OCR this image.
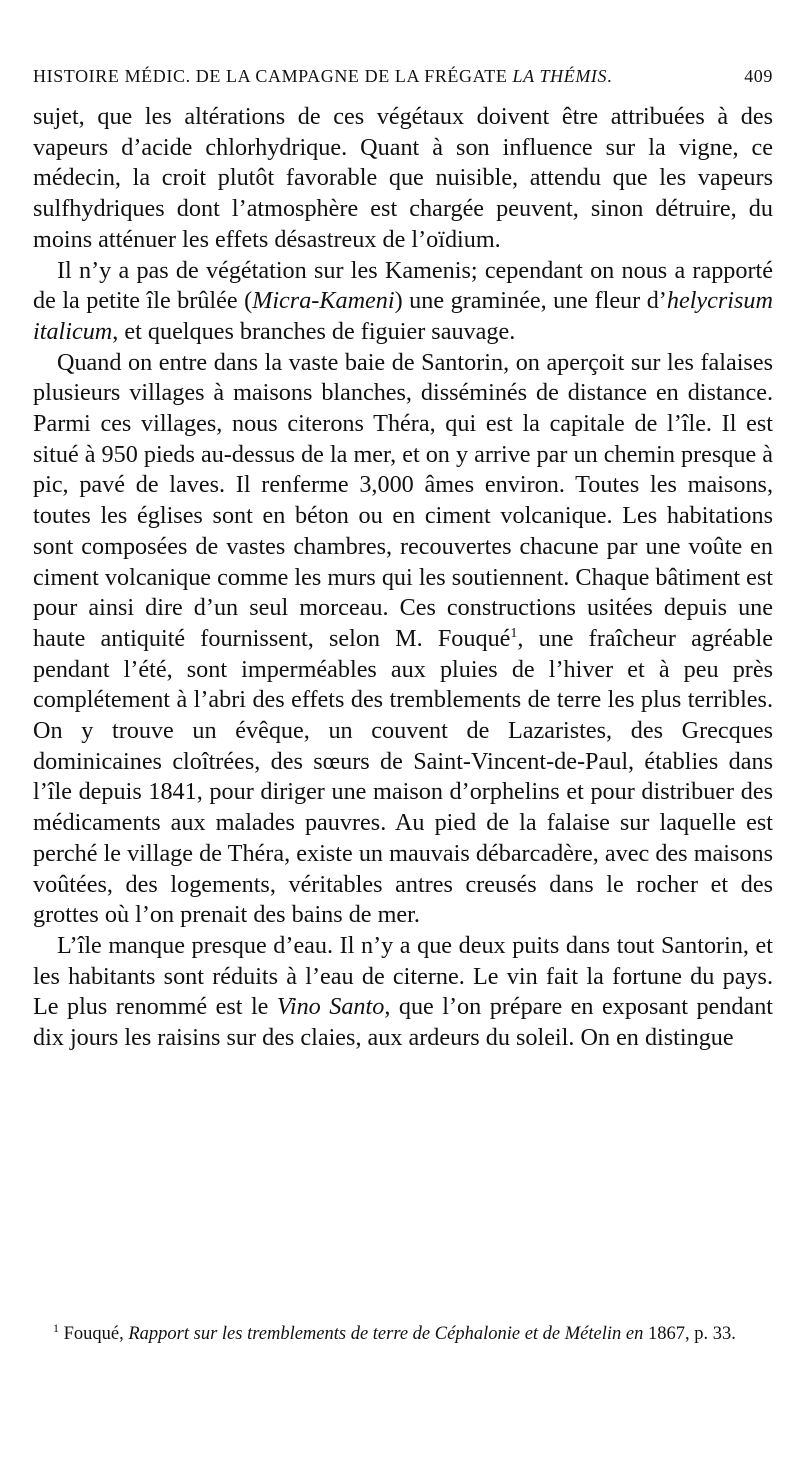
HISTOIRE MÉDIC. DE LA CAMPAGNE DE LA FRÉGATE LA THÉMIS.	409

sujet, que les altérations de ces végétaux doivent être attribuées à des vapeurs d’acide chlorhydrique. Quant à son influence sur la vigne, ce médecin, la croit plutôt favorable que nuisible, attendu que les vapeurs sulfhydriques dont l’atmosphère est chargée peuvent, sinon détruire, du moins atténuer les effets désastreux de l’oïdium.

Il n’y a pas de végétation sur les Kamenis; cependant on nous a rapporté de la petite île brûlée (Micra-Kameni) une graminée, une fleur d’helycrisum italicum, et quelques branches de figuier sauvage.

Quand on entre dans la vaste baie de Santorin, on aperçoit sur les falaises plusieurs villages à maisons blanches, disséminés de distance en distance. Parmi ces villages, nous citerons Théra, qui est la capitale de l’île. Il est situé à 950 pieds au-dessus de la mer, et on y arrive par un chemin presque à pic, pavé de laves. Il renferme 3,000 âmes environ. Toutes les maisons, toutes les églises sont en béton ou en ciment volcanique. Les habitations sont composées de vastes chambres, recouvertes chacune par une voûte en ciment volcanique comme les murs qui les soutiennent. Chaque bâtiment est pour ainsi dire d’un seul morceau. Ces constructions usitées depuis une haute antiquité fournissent, selon M. Fouqué$^1$, une fraîcheur agréable pendant l’été, sont imperméables aux pluies de l’hiver et à peu près complétement à l’abri des effets des tremblements de terre les plus terribles. On y trouve un évêque, un couvent de Lazaristes, des Grecques dominicaines cloîtrées, des sœurs de Saint-Vincent-de-Paul, établies dans l’île depuis 1841, pour diriger une maison d’orphelins et pour distribuer des médicaments aux malades pauvres. Au pied de la falaise sur laquelle est perché le village de Théra, existe un mauvais débarcadère, avec des maisons voûtées, des logements, véritables antres creusés dans le rocher et des grottes où l’on prenait des bains de mer.

L’île manque presque d’eau. Il n’y a que deux puits dans tout Santorin, et les habitants sont réduits à l’eau de citerne. Le vin fait la fortune du pays. Le plus renommé est le Vino Santo, que l’on prépare en exposant pendant dix jours les raisins sur des claies, aux ardeurs du soleil. On en distingue

$^1$ Fouqué, Rapport sur les tremblements de terre de Céphalonie et de Mételin en 1867, p. 33.
